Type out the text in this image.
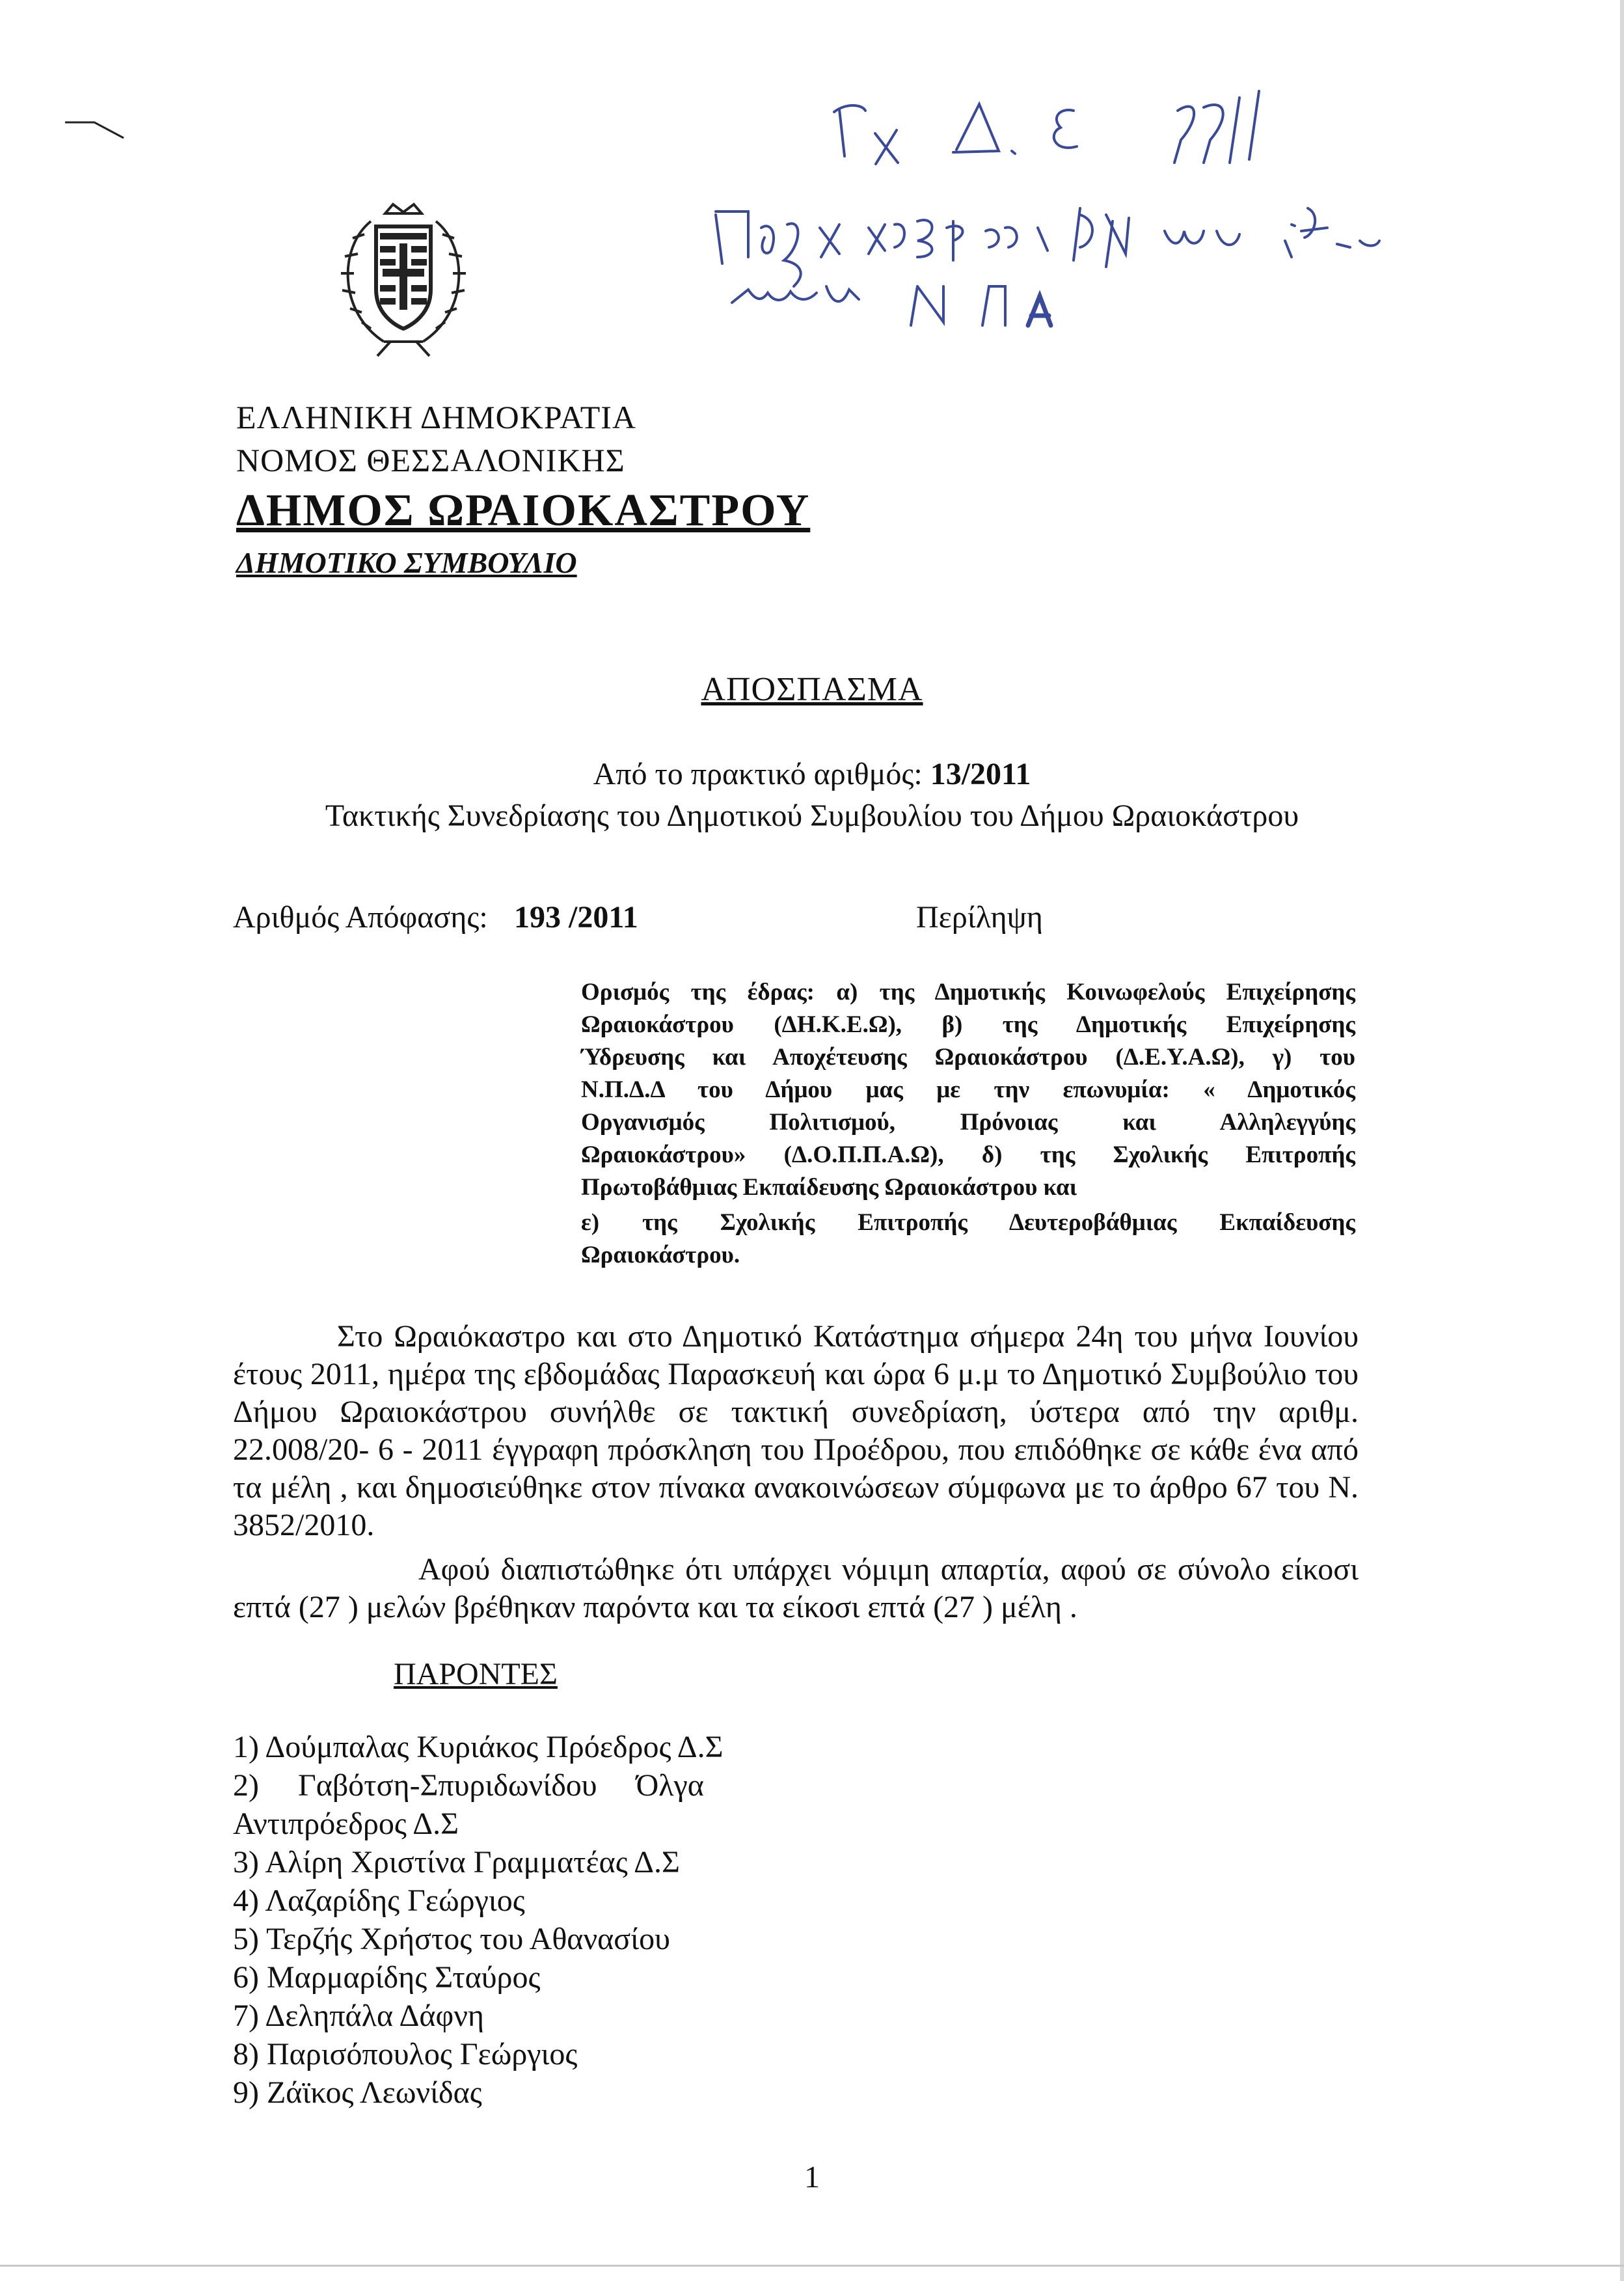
ΕΛΛΗΝΙΚΗ ΔΗΜΟΚΡΑΤΙΑ
ΝΟΜΟΣ ΘΕΣΣΑΛΟΝΙΚΗΣ
ΔΗΜΟΣ ΩΡΑΙΟΚΑΣΤΡΟΥ
ΔΗΜΟΤΙΚΟ ΣΥΜΒΟΥΛΙΟ
ΑΠΟΣΠΑΣΜΑ
Από το πρακτικό αριθμός: 13/2011
Τακτικής Συνεδρίασης του Δημοτικού Συμβουλίου του Δήμου Ωραιοκάστρου
Αριθμός Απόφασης: 193 /2011	Περίληψη
Ορισμός της έδρας: α) της Δημοτικής Κοινωφελούς Επιχείρησης
Ωραιοκάστρου (ΔΗ.Κ.Ε.Ω), β) της Δημοτικής Επιχείρησης
Ύδρευσης και Αποχέτευσης Ωραιοκάστρου (Δ.Ε.Υ.Α.Ω), γ) του
Ν.Π.Δ.Δ του Δήμου μας με την επωνυμία: « Δημοτικός
Οργανισμός Πολιτισμού, Πρόνοιας και Αλληλεγγύης
Ωραιοκάστρου» (Δ.Ο.Π.Π.Α.Ω), δ) της Σχολικής Επιτροπής
Πρωτοβάθμιας Εκπαίδευσης Ωραιοκάστρου και
ε) της Σχολικής Επιτροπής Δευτεροβάθμιας Εκπαίδευσης
Ωραιοκάστρου.
Στο Ωραιόκαστρο και στο Δημοτικό Κατάστημα σήμερα 24η του μήνα Ιουνίου έτους 2011, ημέρα της εβδομάδας Παρασκευή και ώρα 6 μ.μ το Δημοτικό Συμβούλιο του Δήμου Ωραιοκάστρου συνήλθε σε τακτική συνεδρίαση, ύστερα από την αριθμ. 22.008/20- 6 - 2011 έγγραφη πρόσκληση του Προέδρου, που επιδόθηκε σε κάθε ένα από τα μέλη , και δημοσιεύθηκε στον πίνακα ανακοινώσεων σύμφωνα με το άρθρο 67 του Ν. 3852/2010.
Αφού διαπιστώθηκε ότι υπάρχει νόμιμη απαρτία, αφού σε σύνολο είκοσι επτά (27 ) μελών βρέθηκαν παρόντα και τα είκοσι επτά (27 ) μέλη .
ΠΑΡΟΝΤΕΣ
1) Δούμπαλας Κυριάκος Πρόεδρος Δ.Σ
2)     Γαβότση-Σπυριδωνίδου     Όλγα
Αντιπρόεδρος Δ.Σ
3) Αλίρη Χριστίνα Γραμματέας Δ.Σ
4) Λαζαρίδης Γεώργιος
5) Τερζής Χρήστος του Αθανασίου
6) Μαρμαρίδης Σταύρος
7) Δεληπάλα Δάφνη
8) Παρισόπουλος Γεώργιος
9) Ζάϊκος Λεωνίδας
1
